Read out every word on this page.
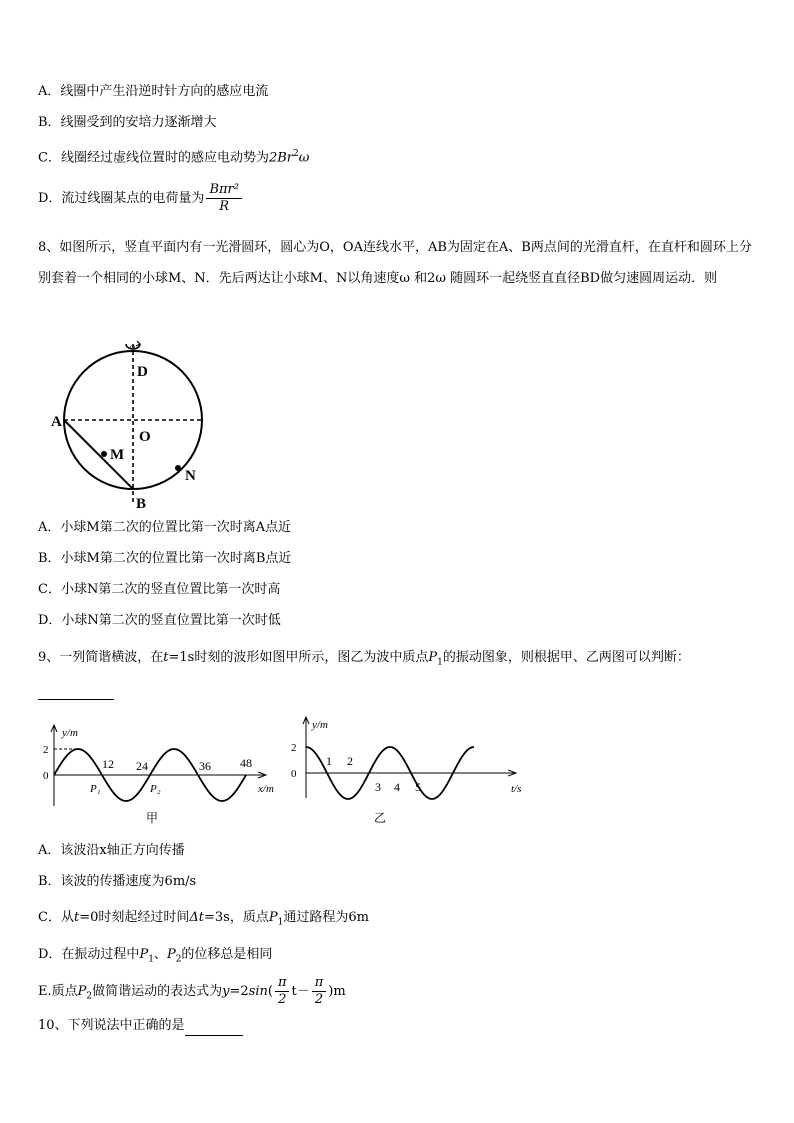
A．线圈中产生沿逆时针方向的感应电流
B．线圈受到的安培力逐渐增大
C．线圈经过虚线位置时的感应电动势为2Br$^2$ω
D．流过线圈某点的电荷量为 $\frac{\text{Bπr²}}{R}$
8、如图所示，竖直平面内有一光滑圆环，圆心为O，OA连线水平，AB为固定在A、B两点间的光滑直杆，在直杆和圆环上分别套着一个相同的小球M、N．先后两达让小球M、N以角速度ω 和2ω 随圆环一起绕竖直直径BD做匀速圆周运动．则
ω
A
D
O
M
N
B
A．小球M第二次的位置比第一次时离A点近
B．小球M第二次的位置比第一次时离B点近
C．小球N第二次的竖直位置比第一次时高
D．小球N第二次的竖直位置比第一次时低
9、一列简谐横波，在t=1s时刻的波形如图甲所示，图乙为波中质点$P_1$的振动图象，则根据甲、乙两图可以判断：
y/m
2
0
12 24	36 48
P₁	P₂	x/m
甲
y/m
2
0
1 2
3 4 5	t/s
乙
A．该波沿x轴正方向传播
B．该波的传播速度为6m/s
C．从t=0时刻起经过时间Δt=3s，质点$P_1$通过路程为6m
D．在振动过程中$P_1$、$P_2$的位移总是相同
E.质点$P_2$做简谐运动的表达式为$y=2\sin( \frac{\pi}{2} t- \frac{\pi}{2} )m$
10、下列说法中正确的是
